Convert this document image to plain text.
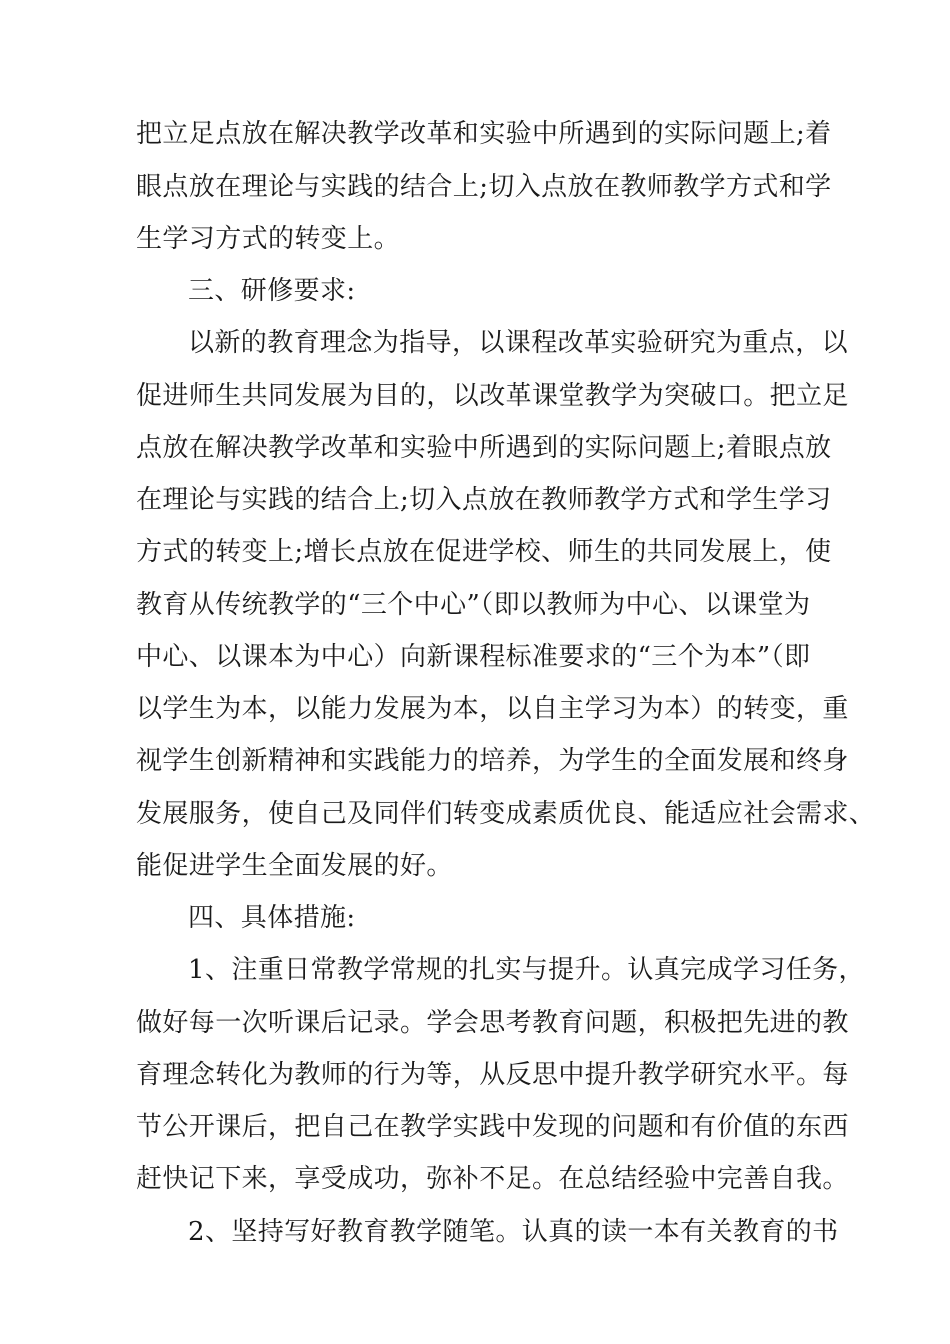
把立足点放在解决教学改革和实验中所遇到的实际问题上;着
眼点放在理论与实践的结合上;切入点放在教师教学方式和学
生学习方式的转变上。
三、研修要求:
以新的教育理念为指导，以课程改革实验研究为重点，以
促进师生共同发展为目的，以改革课堂教学为突破口。把立足
点放在解决教学改革和实验中所遇到的实际问题上;着眼点放
在理论与实践的结合上;切入点放在教师教学方式和学生学习
方式的转变上;增长点放在促进学校、师生的共同发展上，使
教育从传统教学的“三个中心”（即以教师为中心、以课堂为
中心、以课本为中心）向新课程标准要求的“三个为本”（即
以学生为本，以能力发展为本，以自主学习为本）的转变，重
视学生创新精神和实践能力的培养，为学生的全面发展和终身
发展服务，使自己及同伴们转变成素质优良、能适应社会需求、
能促进学生全面发展的好。
四、具体措施:
1、注重日常教学常规的扎实与提升。认真完成学习任务，
做好每一次听课后记录。学会思考教育问题，积极把先进的教
育理念转化为教师的行为等，从反思中提升教学研究水平。每
节公开课后，把自己在教学实践中发现的问题和有价值的东西
赶快记下来，享受成功，弥补不足。在总结经验中完善自我。
2、坚持写好教育教学随笔。认真的读一本有关教育的书
